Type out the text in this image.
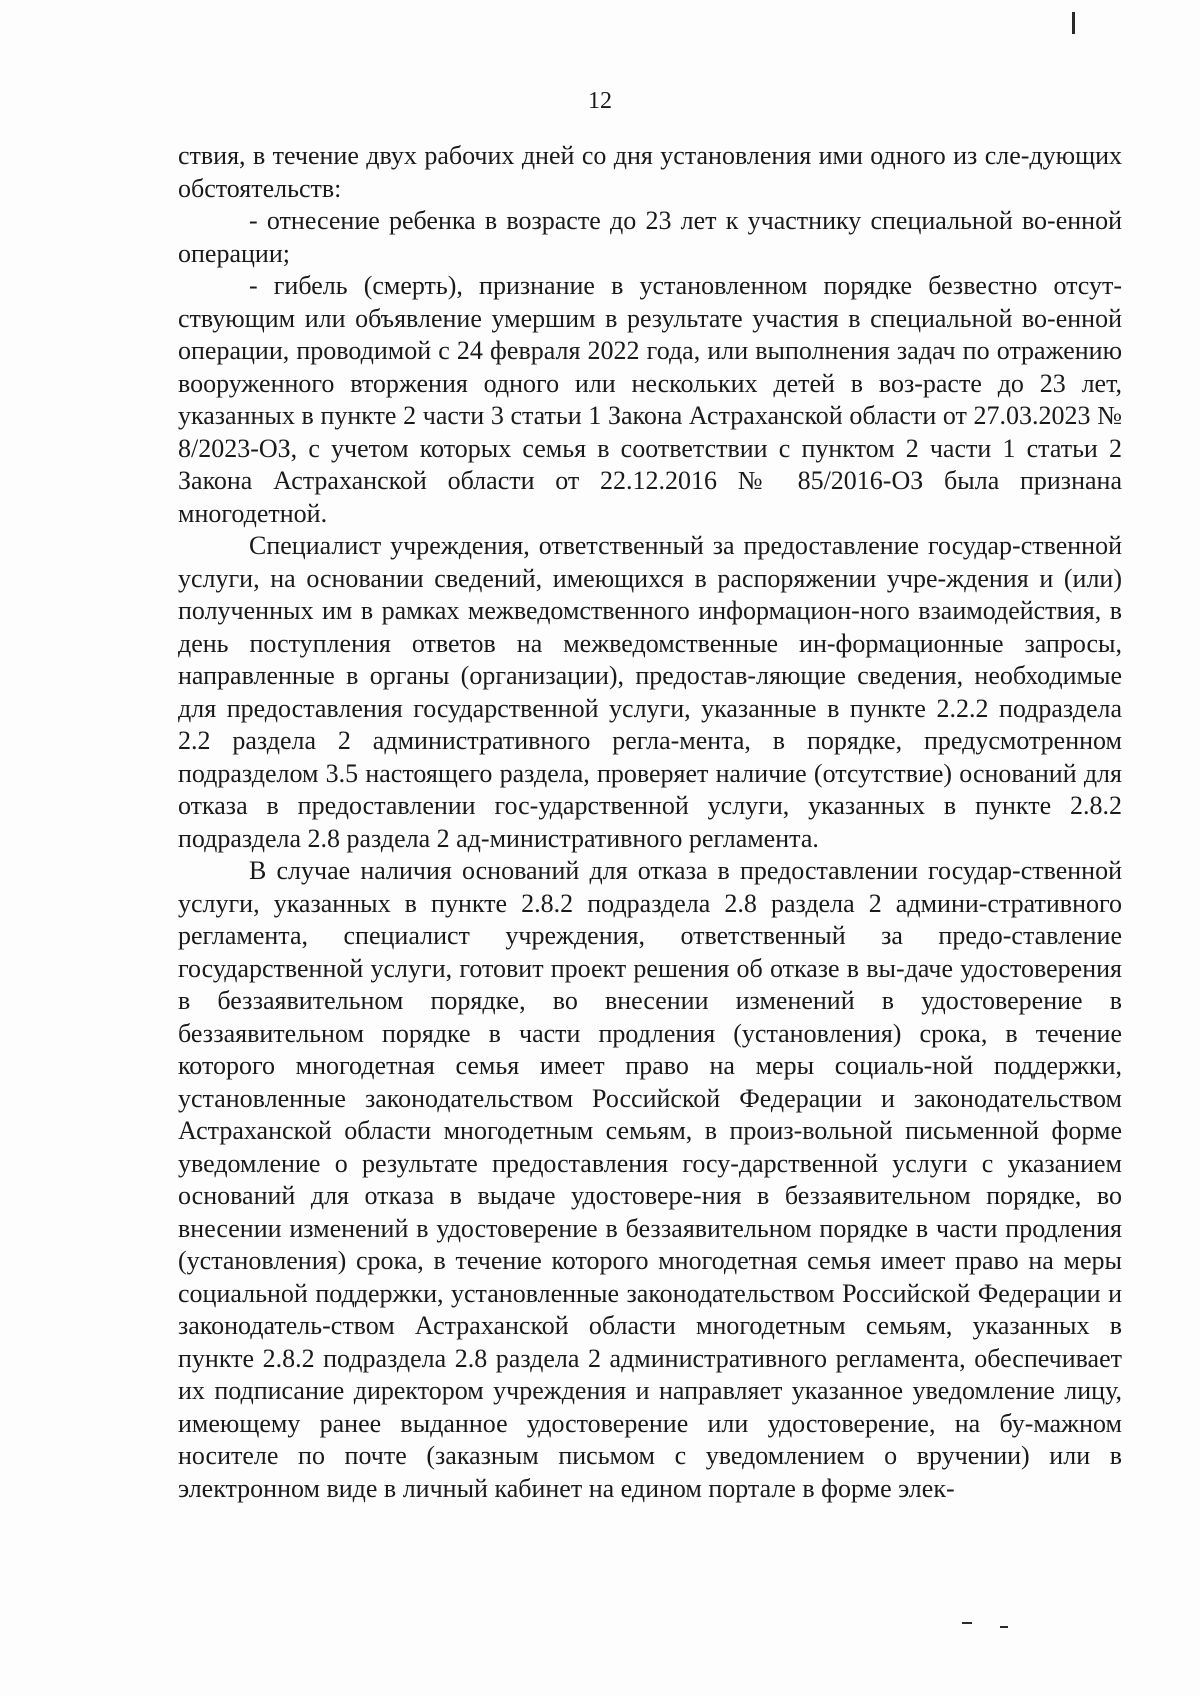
12

ствия, в течение двух рабочих дней со дня установления ими одного из сле-дующих обстоятельств:

- отнесение ребенка в возрасте до 23 лет к участнику специальной во-енной операции;

- гибель (смерть), признание в установленном порядке безвестно отсут-ствующим или объявление умершим в результате участия в специальной во-енной операции, проводимой с 24 февраля 2022 года, или выполнения задач по отражению вооруженного вторжения одного или нескольких детей в воз-расте до 23 лет, указанных в пункте 2 части 3 статьи 1 Закона Астраханской области от 27.03.2023 № 8/2023-ОЗ, с учетом которых семья в соответствии с пунктом 2 части 1 статьи 2 Закона Астраханской области от 22.12.2016 № 85/2016-ОЗ была признана многодетной.

Специалист учреждения, ответственный за предоставление государ-ственной услуги, на основании сведений, имеющихся в распоряжении учре-ждения и (или) полученных им в рамках межведомственного информацион-ного взаимодействия, в день поступления ответов на межведомственные ин-формационные запросы, направленные в органы (организации), предостав-ляющие сведения, необходимые для предоставления государственной услуги, указанные в пункте 2.2.2 подраздела 2.2 раздела 2 административного регла-мента, в порядке, предусмотренном подразделом 3.5 настоящего раздела, проверяет наличие (отсутствие) оснований для отказа в предоставлении гос-ударственной услуги, указанных в пункте 2.8.2 подраздела 2.8 раздела 2 ад-министративного регламента.

В случае наличия оснований для отказа в предоставлении государ-ственной услуги, указанных в пункте 2.8.2 подраздела 2.8 раздела 2 админи-стративного регламента, специалист учреждения, ответственный за предо-ставление государственной услуги, готовит проект решения об отказе в вы-даче удостоверения в беззаявительном порядке, во внесении изменений в удостоверение в беззаявительном порядке в части продления (установления) срока, в течение которого многодетная семья имеет право на меры социаль-ной поддержки, установленные законодательством Российской Федерации и законодательством Астраханской области многодетным семьям, в произ-вольной письменной форме уведомление о результате предоставления госу-дарственной услуги с указанием оснований для отказа в выдаче удостовере-ния в беззаявительном порядке, во внесении изменений в удостоверение в беззаявительном порядке в части продления (установления) срока, в течение которого многодетная семья имеет право на меры социальной поддержки, установленные законодательством Российской Федерации и законодатель-ством Астраханской области многодетным семьям, указанных в пункте 2.8.2 подраздела 2.8 раздела 2 административного регламента, обеспечивает их подписание директором учреждения и направляет указанное уведомление лицу, имеющему ранее выданное удостоверение или удостоверение, на бу-мажном носителе по почте (заказным письмом с уведомлением о вручении) или в электронном виде в личный кабинет на едином портале в форме элек-
